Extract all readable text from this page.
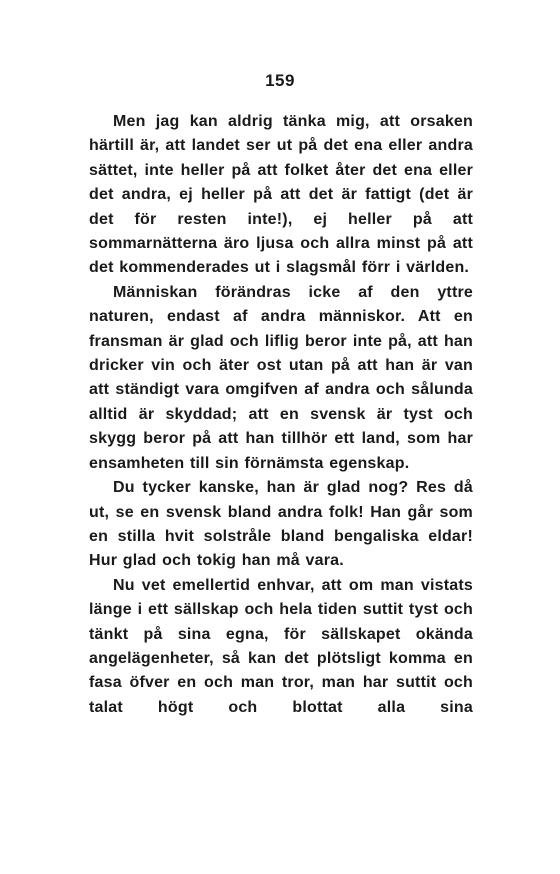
159

Men jag kan aldrig tänka mig, att orsaken härtill är, att landet ser ut på det ena eller andra sättet, inte heller på att folket åter det ena eller det andra, ej heller på att det är fattigt (det är det för resten inte!), ej heller på att sommarnätterna äro ljusa och allra minst på att det kommenderades ut i slagsmål förr i världen.

Människan förändras icke af den yttre naturen, endast af andra människor. Att en fransman är glad och liflig beror inte på, att han dricker vin och äter ost utan på att han är van att ständigt vara omgifven af andra och sålunda alltid är skyddad; att en svensk är tyst och skygg beror på att han tillhör ett land, som har ensamheten till sin förnämsta egenskap.

Du tycker kanske, han är glad nog? Res då ut, se en svensk bland andra folk! Han går som en stilla hvit solstråle bland bengaliska eldar! Hur glad och tokig han må vara.

Nu vet emellertid enhvar, att om man vistats länge i ett sällskap och hela tiden suttit tyst och tänkt på sina egna, för sällskapet okända angelägenheter, så kan det plötsligt komma en fasa öfver en och man tror, man har suttit och talat högt och blottat alla sina
